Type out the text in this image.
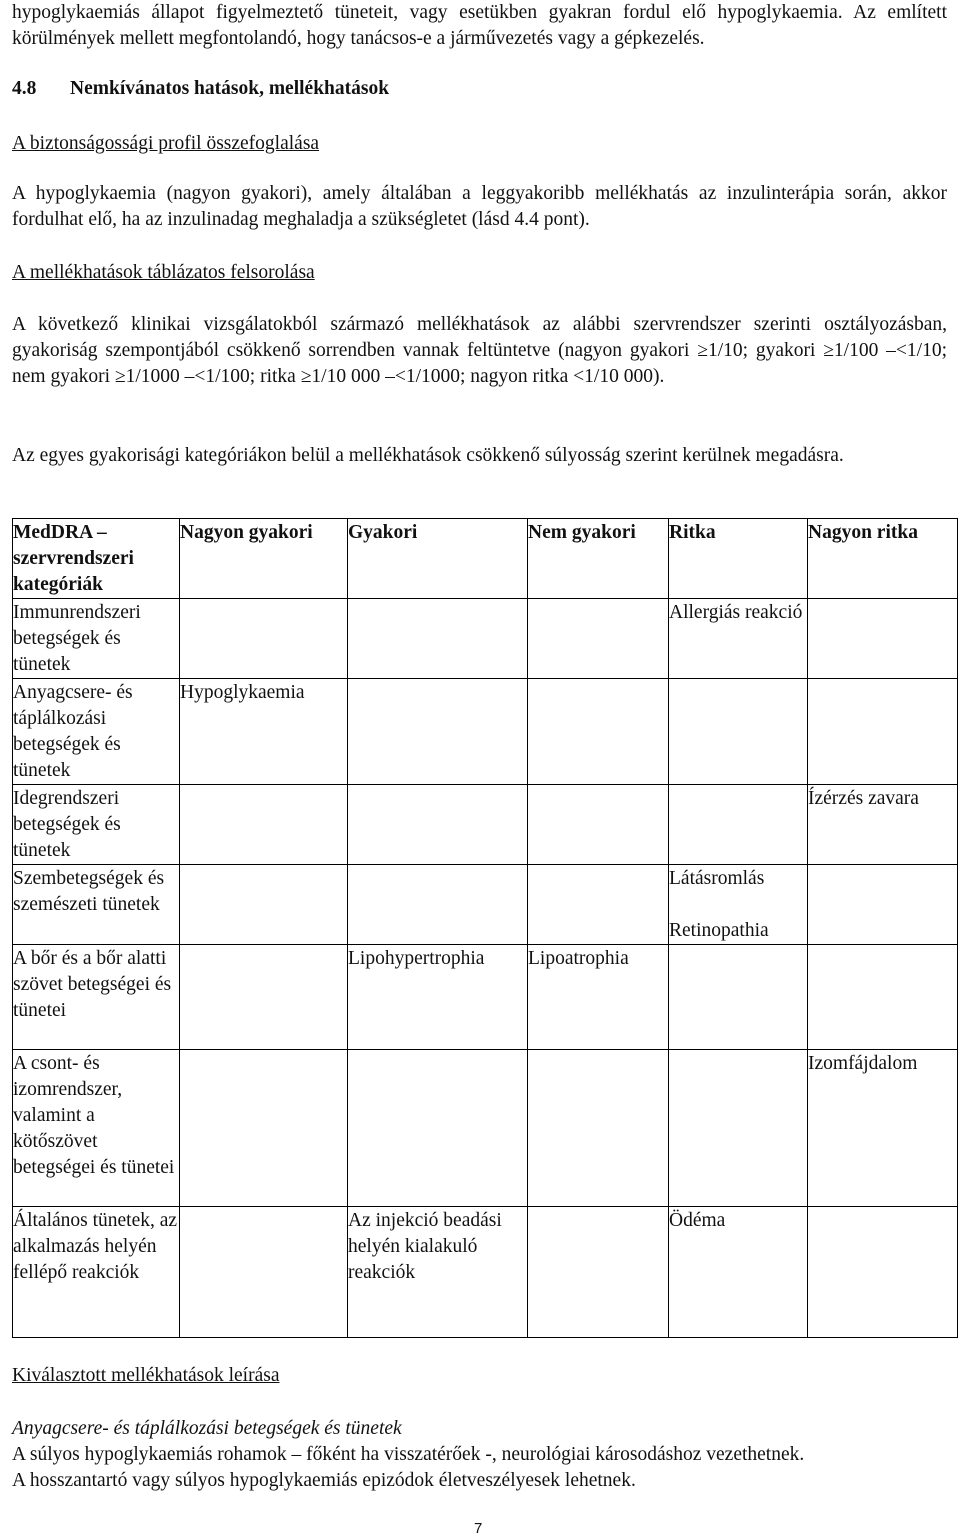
hypoglykaemiás állapot figyelmeztető tüneteit, vagy esetükben gyakran fordul elő hypoglykaemia. Az említett körülmények mellett megfontolandó, hogy tanácsos-e a járművezetés vagy a gépkezelés.

4.8 Nemkívánatos hatások, mellékhatások

A biztonságossági profil összefoglalása

A hypoglykaemia (nagyon gyakori), amely általában a leggyakoribb mellékhatás az inzulinterápia során, akkor fordulhat elő, ha az inzulinadag meghaladja a szükségletet (lásd 4.4 pont).

A mellékhatások táblázatos felsorolása

A következő klinikai vizsgálatokból származó mellékhatások az alábbi szervrendszer szerinti osztályozásban, gyakoriság szempontjából csökkenő sorrendben vannak feltüntetve (nagyon gyakori ≥1/10; gyakori ≥1/100 –<1/10; nem gyakori ≥1/1000 –<1/100; ritka ≥1/10 000 –<1/1000; nagyon ritka <1/10 000).

Az egyes gyakorisági kategóriákon belül a mellékhatások csökkenő súlyosság szerint kerülnek megadásra.

MedDRA – szervrendszeri kategóriák	Nagyon gyakori	Gyakori	Nem gyakori	Ritka	Nagyon ritka
Immunrendszeri betegségek és tünetek				Allergiás reakció	
Anyagcsere- és táplálkozási betegségek és tünetek	Hypoglykaemia				
Idegrendszeri betegségek és tünetek					Ízérzés zavara
Szembetegségek és szemészeti tünetek				Látásromlás
Retinopathia	
A bőr és a bőr alatti szövet betegségei és tünetei		Lipohypertrophia	Lipoatrophia		
A csont- és izomrendszer, valamint a kötőszövet betegségei és tünetei					Izomfájdalom
Általános tünetek, az alkalmazás helyén fellépő reakciók		Az injekció beadási helyén kialakuló reakciók		Ödéma	

Kiválasztott mellékhatások leírása

Anyagcsere- és táplálkozási betegségek és tünetek

A súlyos hypoglykaemiás rohamok – főként ha visszatérőek -, neurológiai károsodáshoz vezethetnek.

A hosszantartó vagy súlyos hypoglykaemiás epizódok életveszélyesek lehetnek.

7
